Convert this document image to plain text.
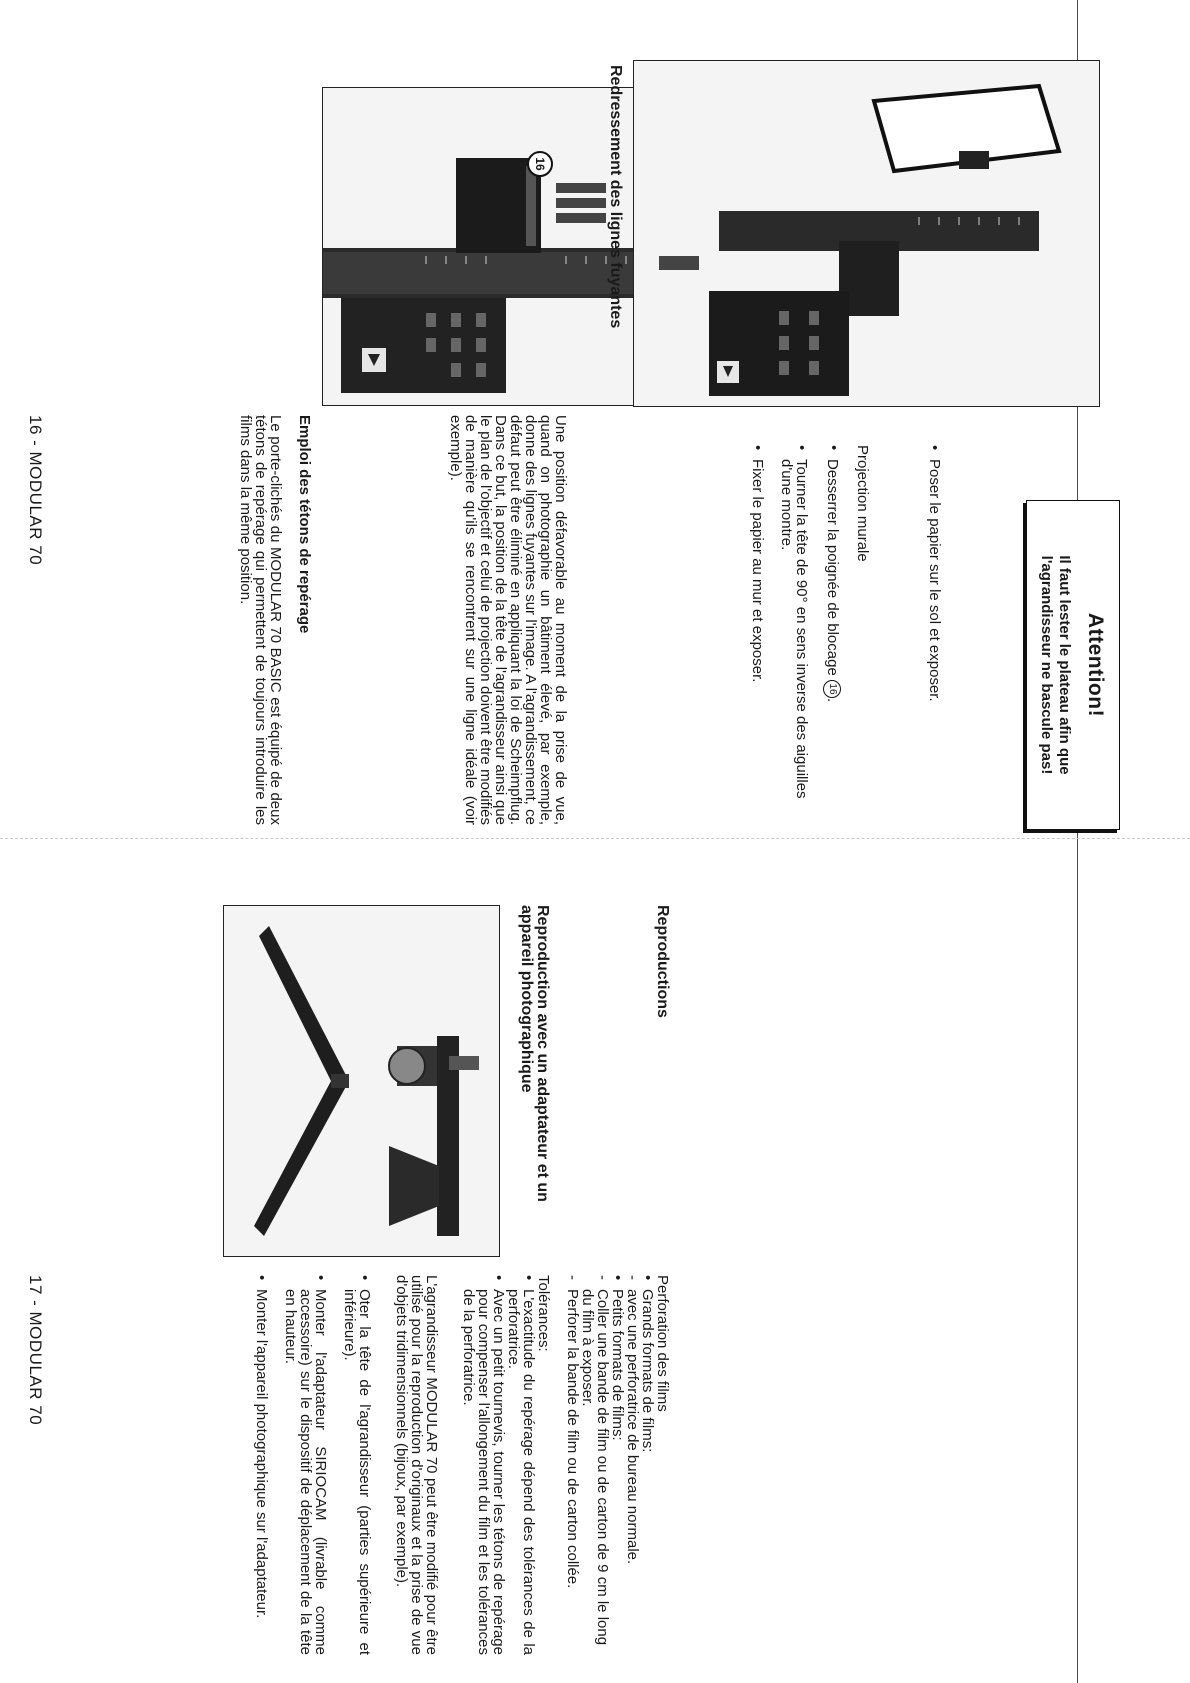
16
Attention!
Il faut lester le plateau afin que l'agrandisseur ne bascule pas!
•
Poser le papier sur le sol et exposer.
Projection murale
•
Desserrer la poignée de blocage 16.
•
Tourner la tête de 90° en sens inverse des aiguilles d'une montre.
•
Fixer le papier au mur et exposer.
Une position défavorable au moment de la prise de vue, quand on photographie un bâtiment élevé, par exemple, donne des lignes fuyantes sur l'image. A l'agrandissement, ce défaut peut être éliminé en appliquant la loi de Scheimpflug. Dans ce but, la position de la tête de l'agrandisseur ainsi que le plan de l'objectif et celui de projection doivent être modifiés de manière qu'ils se rencontrent sur une ligne idéale (voir exemple).
Emploi des tétons de repérage
Le porte-clichés du MODULAR 70 BASIC est équipé de deux tétons de repérage qui permettent de toujours introduire les films dans la même position.
16 - MODULAR 70
Redressement des lignes fuyantes
Reproductions
Reproduction avec un adaptateur et un appareil photographique
Perforation des films
•
Grands formats de films:
-
avec une perforatrice de bureau normale.
•
Petits formats de films:
-
Coller une bande de film ou de carton de 9 cm le long du film à exposer.
-
Perforer la bande de film ou de carton collée.
Tolérances:
•
L'exactitude du repérage dépend des tolérances de la perforatrice.
•
Avec un petit tournevis, tourner les tétons de repérage pour compenser l'allongement du film et les tolérances de la perforatrice.
L'agrandisseur MODULAR 70 peut être modifié pour être utilisé pour la reproduction d'originaux et la prise de vue d'objets tridimensionnels (bijoux, par exemple).
•
Oter la tête de l'agrandisseur (parties supérieure et inférieure).
•
Monter l'adaptateur SIRIOCAM (livrable comme accessoire) sur le dispositif de déplacement de la tête en hauteur.
•
Monter l'appareil photographique sur l'adaptateur.
17 - MODULAR 70
